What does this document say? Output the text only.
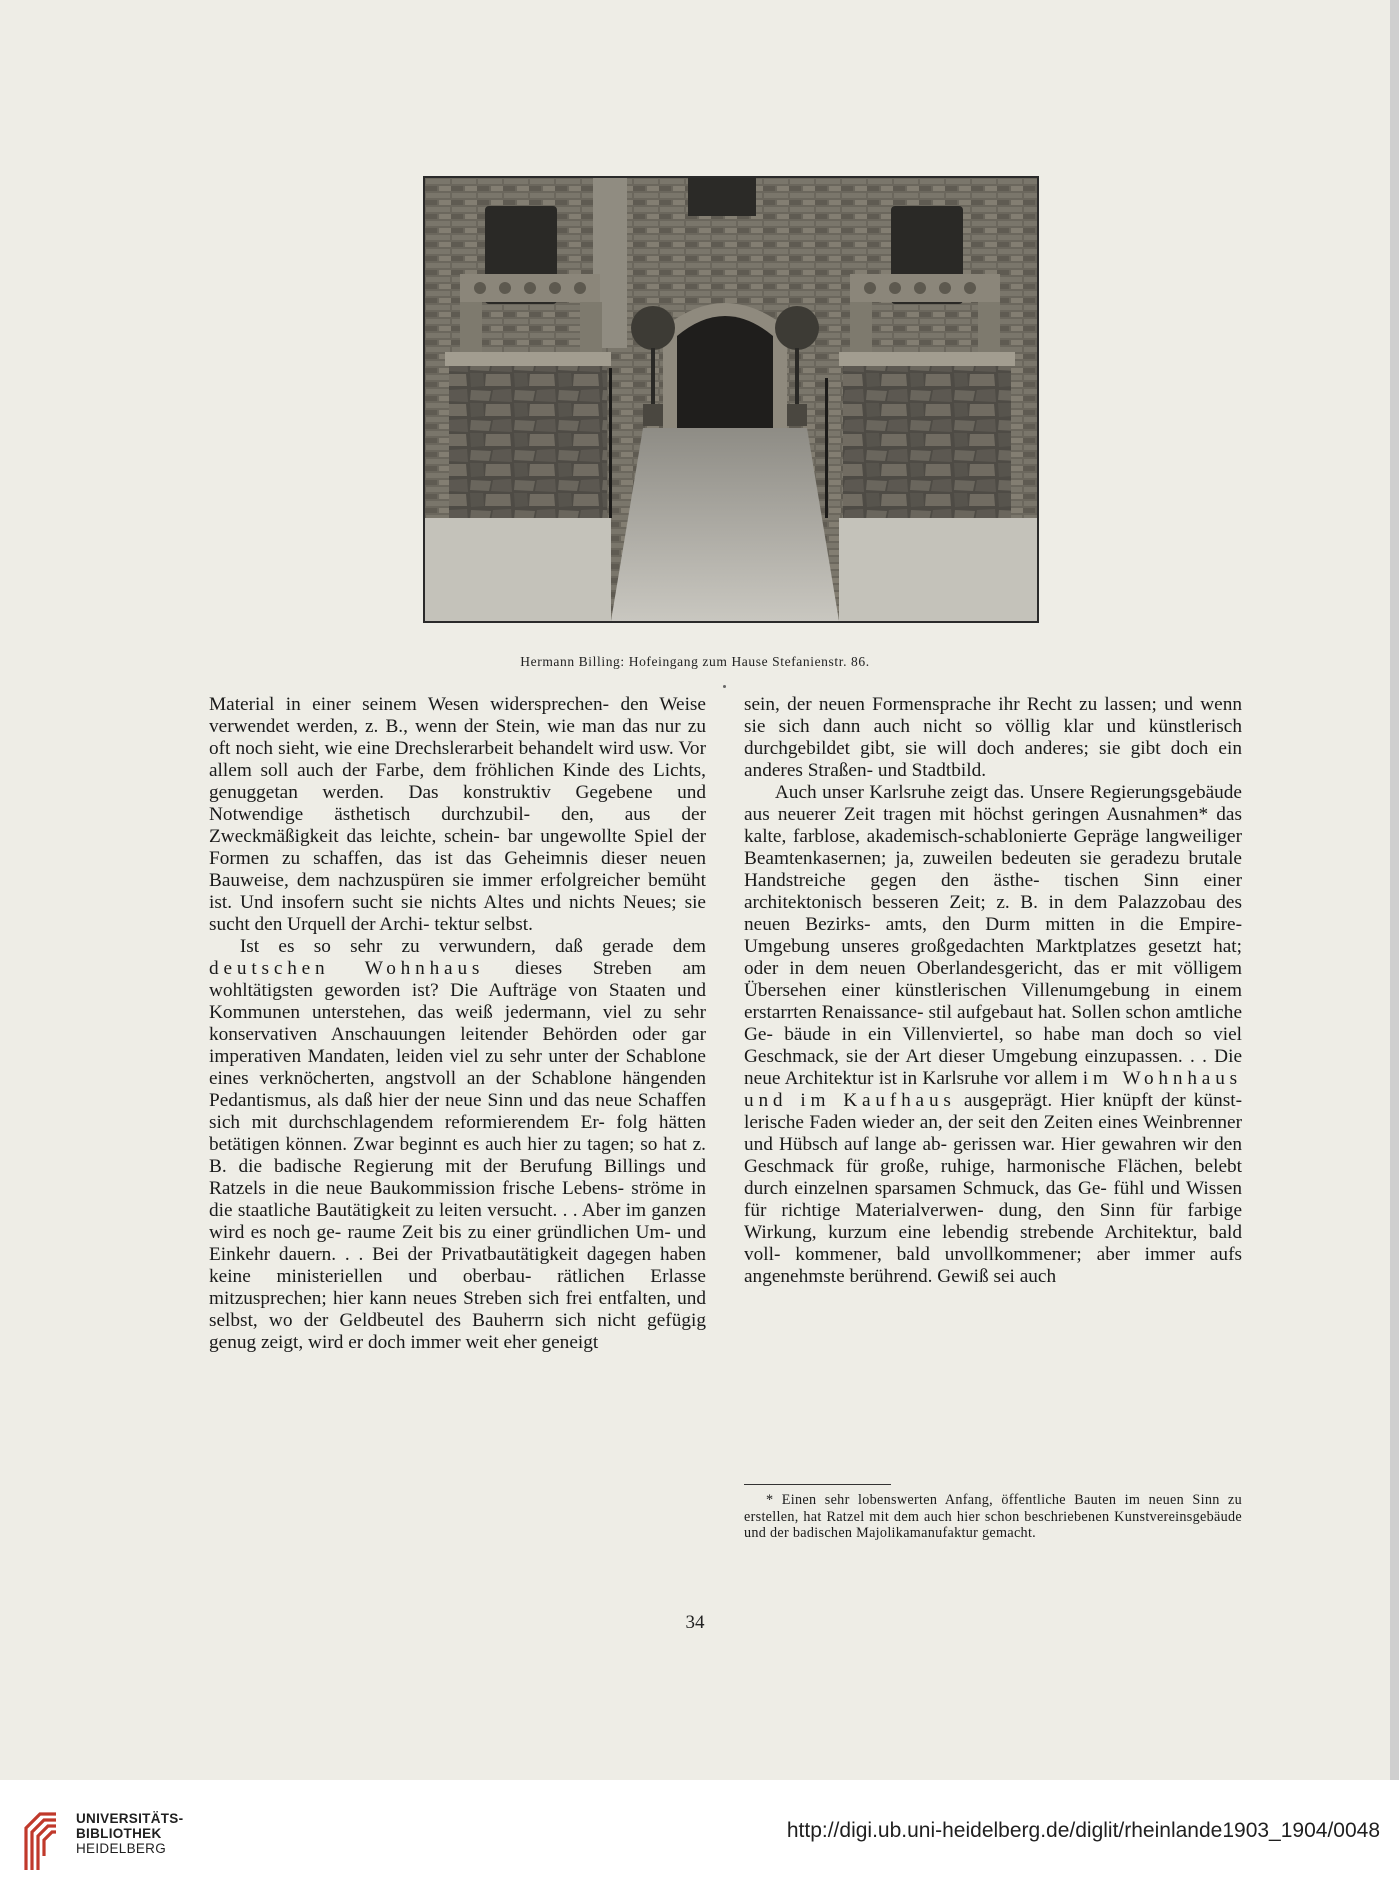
Hermann Billing: Hofeingang zum Hause Stefanienstr. 86.

Material in einer seinem Wesen widersprechen- den Weise verwendet werden, z. B., wenn der Stein, wie man das nur zu oft noch sieht, wie eine Drechslerarbeit behandelt wird usw. Vor allem soll auch der Farbe, dem fröhlichen Kinde des Lichts, genuggetan werden. Das konstruktiv Gegebene und Notwendige ästhetisch durchzubil- den, aus der Zweckmäßigkeit das leichte, schein- bar ungewollte Spiel der Formen zu schaffen, das ist das Geheimnis dieser neuen Bauweise, dem nachzuspüren sie immer erfolgreicher bemüht ist. Und insofern sucht sie nichts Altes und nichts Neues; sie sucht den Urquell der Archi- tektur selbst.

Ist es so sehr zu verwundern, daß gerade dem deutschen Wohnhaus dieses Streben am wohltätigsten geworden ist? Die Aufträge von Staaten und Kommunen unterstehen, das weiß jedermann, viel zu sehr konservativen Anschauungen leitender Behörden oder gar imperativen Mandaten, leiden viel zu sehr unter der Schablone eines verknöcherten, angstvoll an der Schablone hängenden Pedantismus, als daß hier der neue Sinn und das neue Schaffen sich mit durchschlagendem reformierendem Er- folg hätten betätigen können. Zwar beginnt es auch hier zu tagen; so hat z. B. die badische Regierung mit der Berufung Billings und Ratzels in die neue Baukommission frische Lebens- ströme in die staatliche Bautätigkeit zu leiten versucht. . . Aber im ganzen wird es noch ge- raume Zeit bis zu einer gründlichen Um- und Einkehr dauern. . . Bei der Privatbautätigkeit dagegen haben keine ministeriellen und oberbau- rätlichen Erlasse mitzusprechen; hier kann neues Streben sich frei entfalten, und selbst, wo der Geldbeutel des Bauherrn sich nicht gefügig genug zeigt, wird er doch immer weit eher geneigt

sein, der neuen Formensprache ihr Recht zu lassen; und wenn sie sich dann auch nicht so völlig klar und künstlerisch durchgebildet gibt, sie will doch anderes; sie gibt doch ein anderes Straßen- und Stadtbild.

Auch unser Karlsruhe zeigt das. Unsere Regierungsgebäude aus neuerer Zeit tragen mit höchst geringen Ausnahmen* das kalte, farblose, akademisch-schablonierte Gepräge langweiliger Beamtenkasernen; ja, zuweilen bedeuten sie geradezu brutale Handstreiche gegen den ästhe- tischen Sinn einer architektonisch besseren Zeit; z. B. in dem Palazzobau des neuen Bezirks- amts, den Durm mitten in die Empire-Umgebung unseres großgedachten Marktplatzes gesetzt hat; oder in dem neuen Oberlandesgericht, das er mit völligem Übersehen einer künstlerischen Villenumgebung in einem erstarrten Renaissance- stil aufgebaut hat. Sollen schon amtliche Ge- bäude in ein Villenviertel, so habe man doch so viel Geschmack, sie der Art dieser Umgebung einzupassen. . . Die neue Architektur ist in Karlsruhe vor allem im Wohnhaus und im Kaufhaus ausgeprägt. Hier knüpft der künst- lerische Faden wieder an, der seit den Zeiten eines Weinbrenner und Hübsch auf lange ab- gerissen war. Hier gewahren wir den Geschmack für große, ruhige, harmonische Flächen, belebt durch einzelnen sparsamen Schmuck, das Ge- fühl und Wissen für richtige Materialverwen- dung, den Sinn für farbige Wirkung, kurzum eine lebendig strebende Architektur, bald voll- kommener, bald unvollkommener; aber immer aufs angenehmste berührend. Gewiß sei auch

* Einen sehr lobenswerten Anfang, öffentliche Bauten im neuen Sinn zu erstellen, hat Ratzel mit dem auch hier schon beschriebenen Kunstvereinsgebäude und der badischen Majolikamanufaktur gemacht.
34
UNIVERSITÄTS-
BIBLIOTHEK
HEIDELBERG
http://digi.ub.uni-heidelberg.de/diglit/rheinlande1903_1904/0048
